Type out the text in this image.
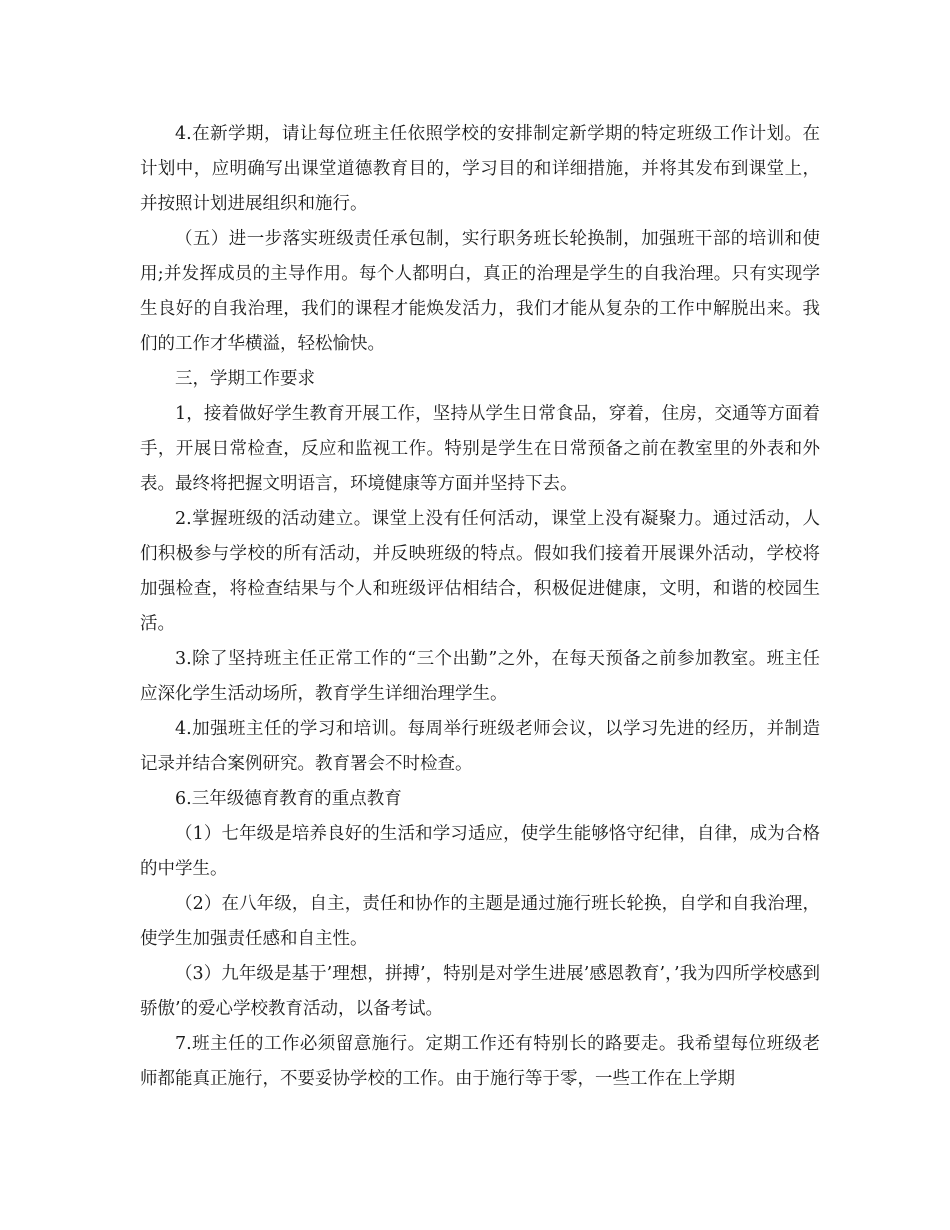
4.在新学期，请让每位班主任依照学校的安排制定新学期的特定班级工作计划。在计划中，应明确写出课堂道德教育目的，学习目的和详细措施，并将其发布到课堂上，并按照计划进展组织和施行。

（五）进一步落实班级责任承包制，实行职务班长轮换制，加强班干部的培训和使用;并发挥成员的主导作用。每个人都明白，真正的治理是学生的自我治理。只有实现学生良好的自我治理，我们的课程才能焕发活力，我们才能从复杂的工作中解脱出来。我们的工作才华横溢，轻松愉快。

三，学期工作要求

1，接着做好学生教育开展工作，坚持从学生日常食品，穿着，住房，交通等方面着手，开展日常检查，反应和监视工作。特别是学生在日常预备之前在教室里的外表和外表。最终将把握文明语言，环境健康等方面并坚持下去。

2.掌握班级的活动建立。课堂上没有任何活动，课堂上没有凝聚力。通过活动，人们积极参与学校的所有活动，并反映班级的特点。假如我们接着开展课外活动，学校将加强检查，将检查结果与个人和班级评估相结合，积极促进健康，文明，和谐的校园生活。

3.除了坚持班主任正常工作的“三个出勤”之外，在每天预备之前参加教室。班主任应深化学生活动场所，教育学生详细治理学生。

4.加强班主任的学习和培训。每周举行班级老师会议，以学习先进的经历，并制造记录并结合案例研究。教育署会不时检查。

6.三年级德育教育的重点教育

（1）七年级是培养良好的生活和学习适应，使学生能够恪守纪律，自律，成为合格的中学生。

（2）在八年级，自主，责任和协作的主题是通过施行班长轮换，自学和自我治理，使学生加强责任感和自主性。

（3）九年级是基于’理想，拼搏’，特别是对学生进展’感恩教育’，’我为四所学校感到骄傲’的爱心学校教育活动，以备考试。

7.班主任的工作必须留意施行。定期工作还有特别长的路要走。我希望每位班级老师都能真正施行，不要妥协学校的工作。由于施行等于零，一些工作在上学期
